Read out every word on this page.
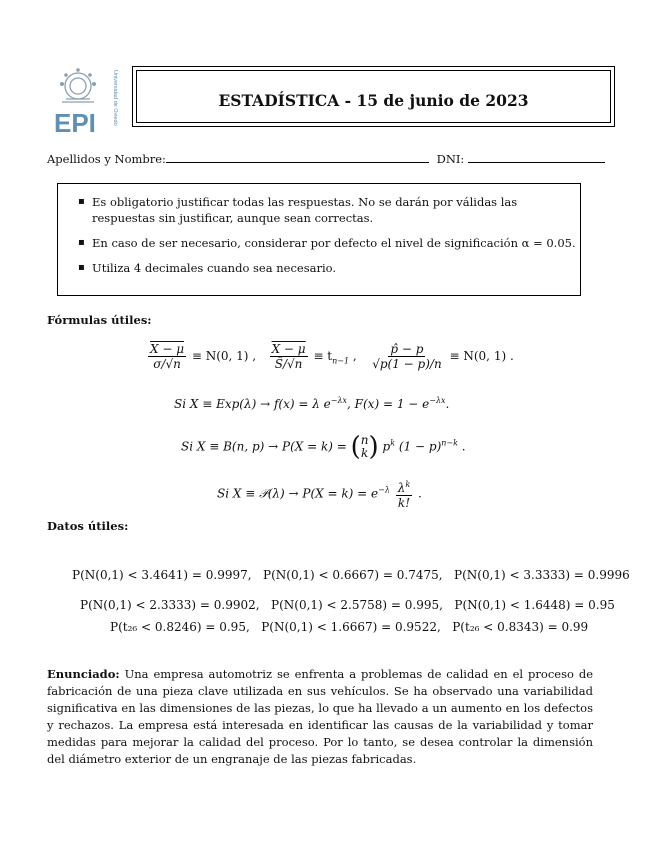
EPI	Universidad de Oviedo	ESTADÍSTICA - 15 de junio de 2023
Apellidos y Nombre:	DNI:
▪ Es obligatorio justificar todas las respuestas. No se darán por válidas las respuestas sin justificar, aunque sean correctas.
▪ En caso de ser necesario, considerar por defecto el nivel de significación α = 0.05.
▪ Utiliza 4 decimales cuando sea necesario.
Fórmulas útiles:
$\frac{X - \mu}{\sigma/√n} \equiv N(0$, 1) , $\frac{X - \mu}{Ŝ/√n} \equiv t_{n-1}$ , $\frac{p̂ - p}{√p(1 - p)/n} \equiv N(0$, 1) .
Si X ≡ Exp(λ) → f(x) = λ $e^{-\lambda x}$, $F(x) = 1 - e^{-\lambda x}$.
Si X ≡ B(n, p) → P(X = k) = ( n
k ) $p^k$ $(1 - p)^{n-k}$ .
Si X ≡ 𝒫(λ) → $P(X = k) = e^{-\lambda} \frac{\lambda^k}{k!}$ .
Datos útiles:
P(N(0,1) < 3.4641) = 0.9997, P(N(0,1) < 0.6667) = 0.7475, P(N(0,1) < 3.3333) = 0.9996
P(N(0,1) < 2.3333) = 0.9902, P(N(0,1) < 2.5758) = 0.995, P(N(0,1) < 1.6448) = 0.95
P(t₂₆ < 0.8246) = 0.95, P(N(0,1) < 1.6667) = 0.9522, P(t₂₆ < 0.8343) = 0.99
Enunciado: Una empresa automotriz se enfrenta a problemas de calidad en el proceso de fabricación de una pieza clave utilizada en sus vehículos. Se ha observado una variabilidad significativa en las dimensiones de las piezas, lo que ha llevado a un aumento en los defectos y rechazos. La empresa está interesada en identificar las causas de la variabilidad y tomar medidas para mejorar la calidad del proceso. Por lo tanto, se desea controlar la dimensión del diámetro exterior de un engranaje de las piezas fabricadas.
